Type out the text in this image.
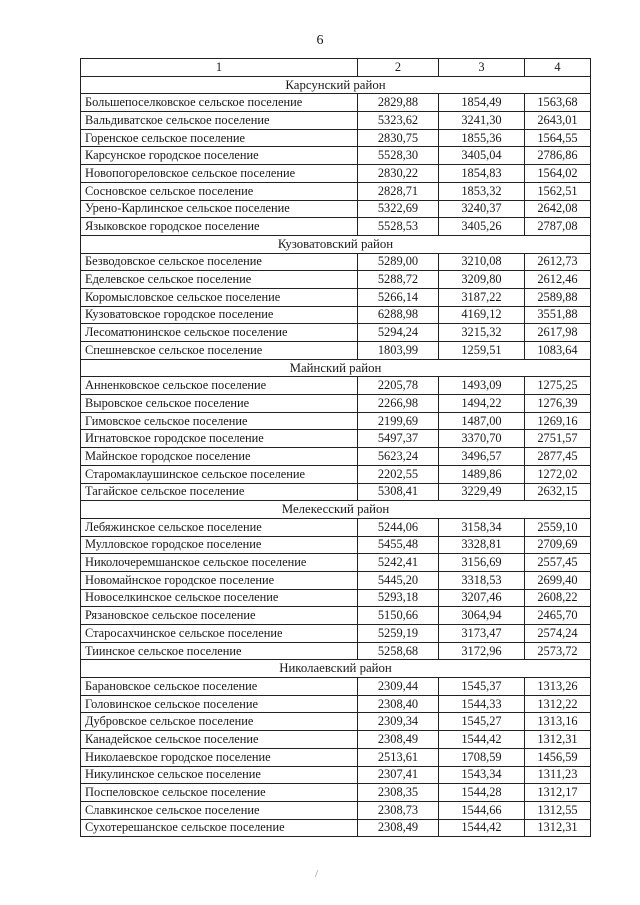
6
1	2	3	4
Карсунский район			
Большепоселковское сельское поселение	2829,88	1854,49	1563,68
Вальдиватское сельское поселение	5323,62	3241,30	2643,01
Горенское сельское поселение	2830,75	1855,36	1564,55
Карсунское городское поселение	5528,30	3405,04	2786,86
Новопогореловское сельское поселение	2830,22	1854,83	1564,02
Сосновское сельское поселение	2828,71	1853,32	1562,51
Урено-Карлинское сельское поселение	5322,69	3240,37	2642,08
Языковское городское поселение	5528,53	3405,26	2787,08
Кузоватовский район			
Безводовское сельское поселение	5289,00	3210,08	2612,73
Еделевское сельское поселение	5288,72	3209,80	2612,46
Коромысловское сельское поселение	5266,14	3187,22	2589,88
Кузоватовское городское поселение	6288,98	4169,12	3551,88
Лесоматюнинское сельское поселение	5294,24	3215,32	2617,98
Спешневское сельское поселение	1803,99	1259,51	1083,64
Майнский район			
Анненковское сельское поселение	2205,78	1493,09	1275,25
Выровское сельское поселение	2266,98	1494,22	1276,39
Гимовское сельское поселение	2199,69	1487,00	1269,16
Игнатовское городское поселение	5497,37	3370,70	2751,57
Майнское городское поселение	5623,24	3496,57	2877,45
Старомаклаушинское сельское поселение	2202,55	1489,86	1272,02
Тагайское сельское поселение	5308,41	3229,49	2632,15
Мелекесский район			
Лебяжинское сельское поселение	5244,06	3158,34	2559,10
Мулловское городское поселение	5455,48	3328,81	2709,69
Николочеремшанское сельское поселение	5242,41	3156,69	2557,45
Новомайнское городское поселение	5445,20	3318,53	2699,40
Новоселкинское сельское поселение	5293,18	3207,46	2608,22
Рязановское сельское поселение	5150,66	3064,94	2465,70
Старосахчинское сельское поселение	5259,19	3173,47	2574,24
Тиинское сельское поселение	5258,68	3172,96	2573,72
Николаевский район			
Барановское сельское поселение	2309,44	1545,37	1313,26
Головинское сельское поселение	2308,40	1544,33	1312,22
Дубровское сельское поселение	2309,34	1545,27	1313,16
Канадейское сельское поселение	2308,49	1544,42	1312,31
Николаевское городское поселение	2513,61	1708,59	1456,59
Никулинское сельское поселение	2307,41	1543,34	1311,23
Поспеловское сельское поселение	2308,35	1544,28	1312,17
Славкинское сельское поселение	2308,73	1544,66	1312,55
Сухотерешанское сельское поселение	2308,49	1544,42	1312,31
/
